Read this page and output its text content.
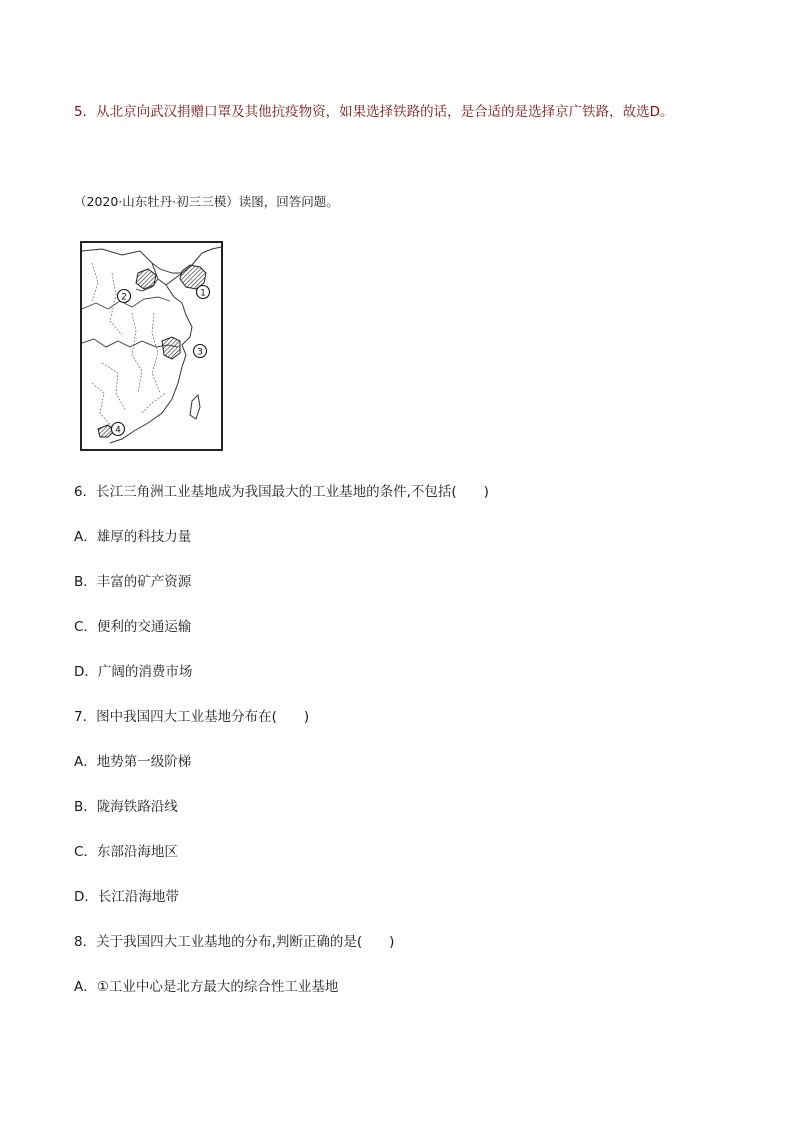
5．从北京向武汉捐赠口罩及其他抗疫物资，如果选择铁路的话，是合适的是选择京广铁路，故选D。
（2020·山东牡丹·初三三模）读图，回答问题。
1
2
3
4
6．长江三角洲工业基地成为我国最大的工业基地的条件,不包括(　　)
A．雄厚的科技力量
B．丰富的矿产资源
C．便利的交通运输
D．广阔的消费市场
7．图中我国四大工业基地分布在(　　)
A．地势第一级阶梯
B．陇海铁路沿线
C．东部沿海地区
D．长江沿海地带
8．关于我国四大工业基地的分布,判断正确的是(　　)
A．①工业中心是北方最大的综合性工业基地
